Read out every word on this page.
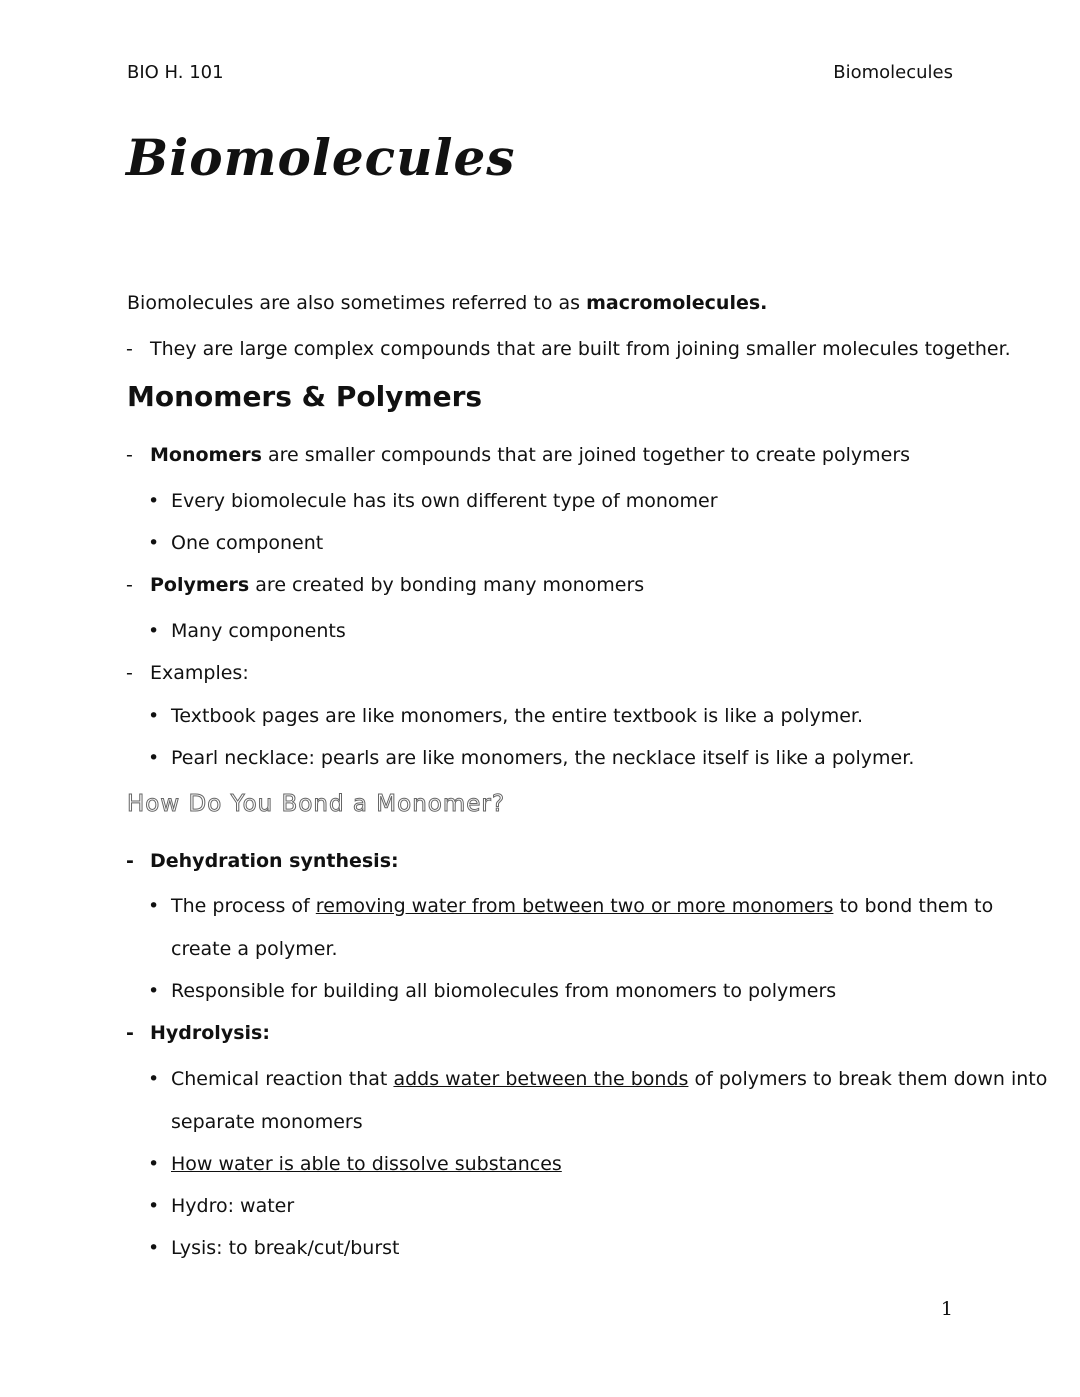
BIO H. 101	Biomolecules
Biomolecules
Biomolecules are also sometimes referred to as macromolecules.
- They are large complex compounds that are built from joining smaller molecules together.
Monomers & Polymers
- Monomers are smaller compounds that are joined together to create polymers
• Every biomolecule has its own different type of monomer
• One component
- Polymers are created by bonding many monomers
• Many components
- Examples:
• Textbook pages are like monomers, the entire textbook is like a polymer.
• Pearl necklace: pearls are like monomers, the necklace itself is like a polymer.
How Do You Bond a Monomer?
- Dehydration synthesis:
• The process of removing water from between two or more monomers to bond them to
create a polymer.
• Responsible for building all biomolecules from monomers to polymers
- Hydrolysis:
• Chemical reaction that adds water between the bonds of polymers to break them down into
separate monomers
• How water is able to dissolve substances
• Hydro: water
• Lysis: to break/cut/burst
1
